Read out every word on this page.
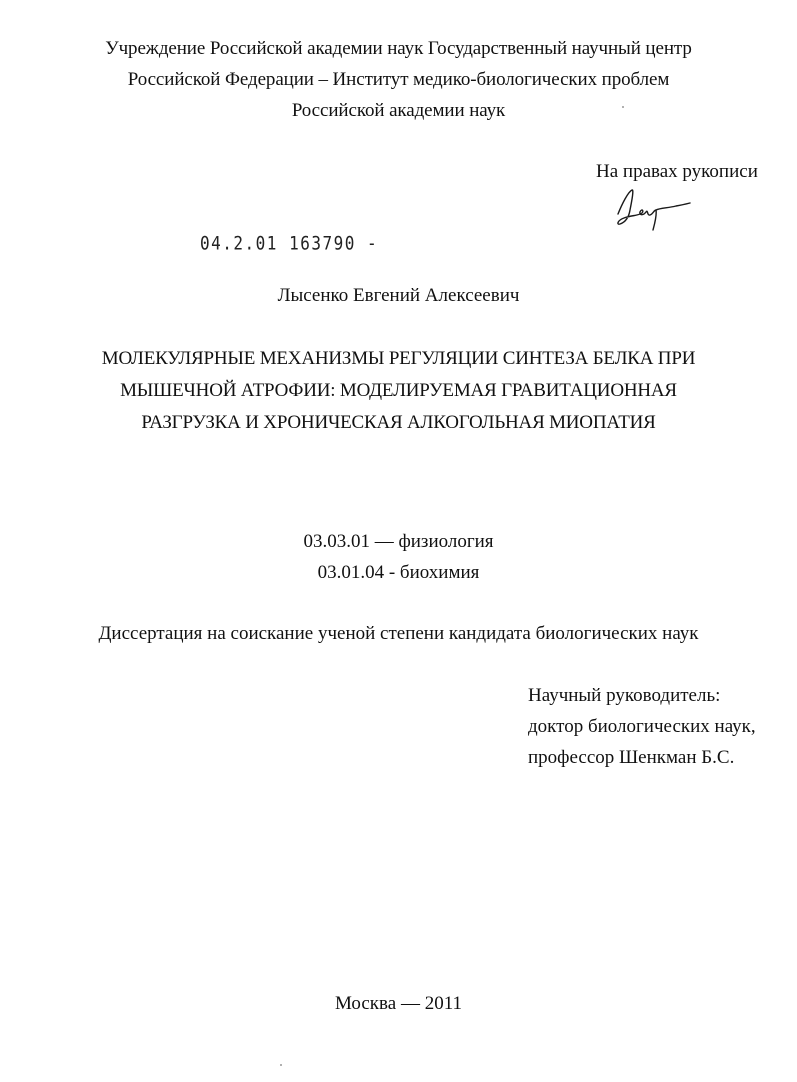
Учреждение Российской академии наук Государственный научный центр
Российской Федерации – Институт медико-биологических проблем
Российской академии наук
На правах рукописи
04.2.01 163790 -
Лысенко Евгений Алексеевич
МОЛЕКУЛЯРНЫЕ МЕХАНИЗМЫ РЕГУЛЯЦИИ СИНТЕЗА БЕЛКА ПРИ
МЫШЕЧНОЙ АТРОФИИ: МОДЕЛИРУЕМАЯ ГРАВИТАЦИОННАЯ
РАЗГРУЗКА И ХРОНИЧЕСКАЯ АЛКОГОЛЬНАЯ МИОПАТИЯ
03.03.01 — физиология
03.01.04 - биохимия
Диссертация на соискание ученой степени кандидата биологических наук
Научный руководитель:
доктор биологических наук,
профессор Шенкман Б.С.
Москва — 2011
